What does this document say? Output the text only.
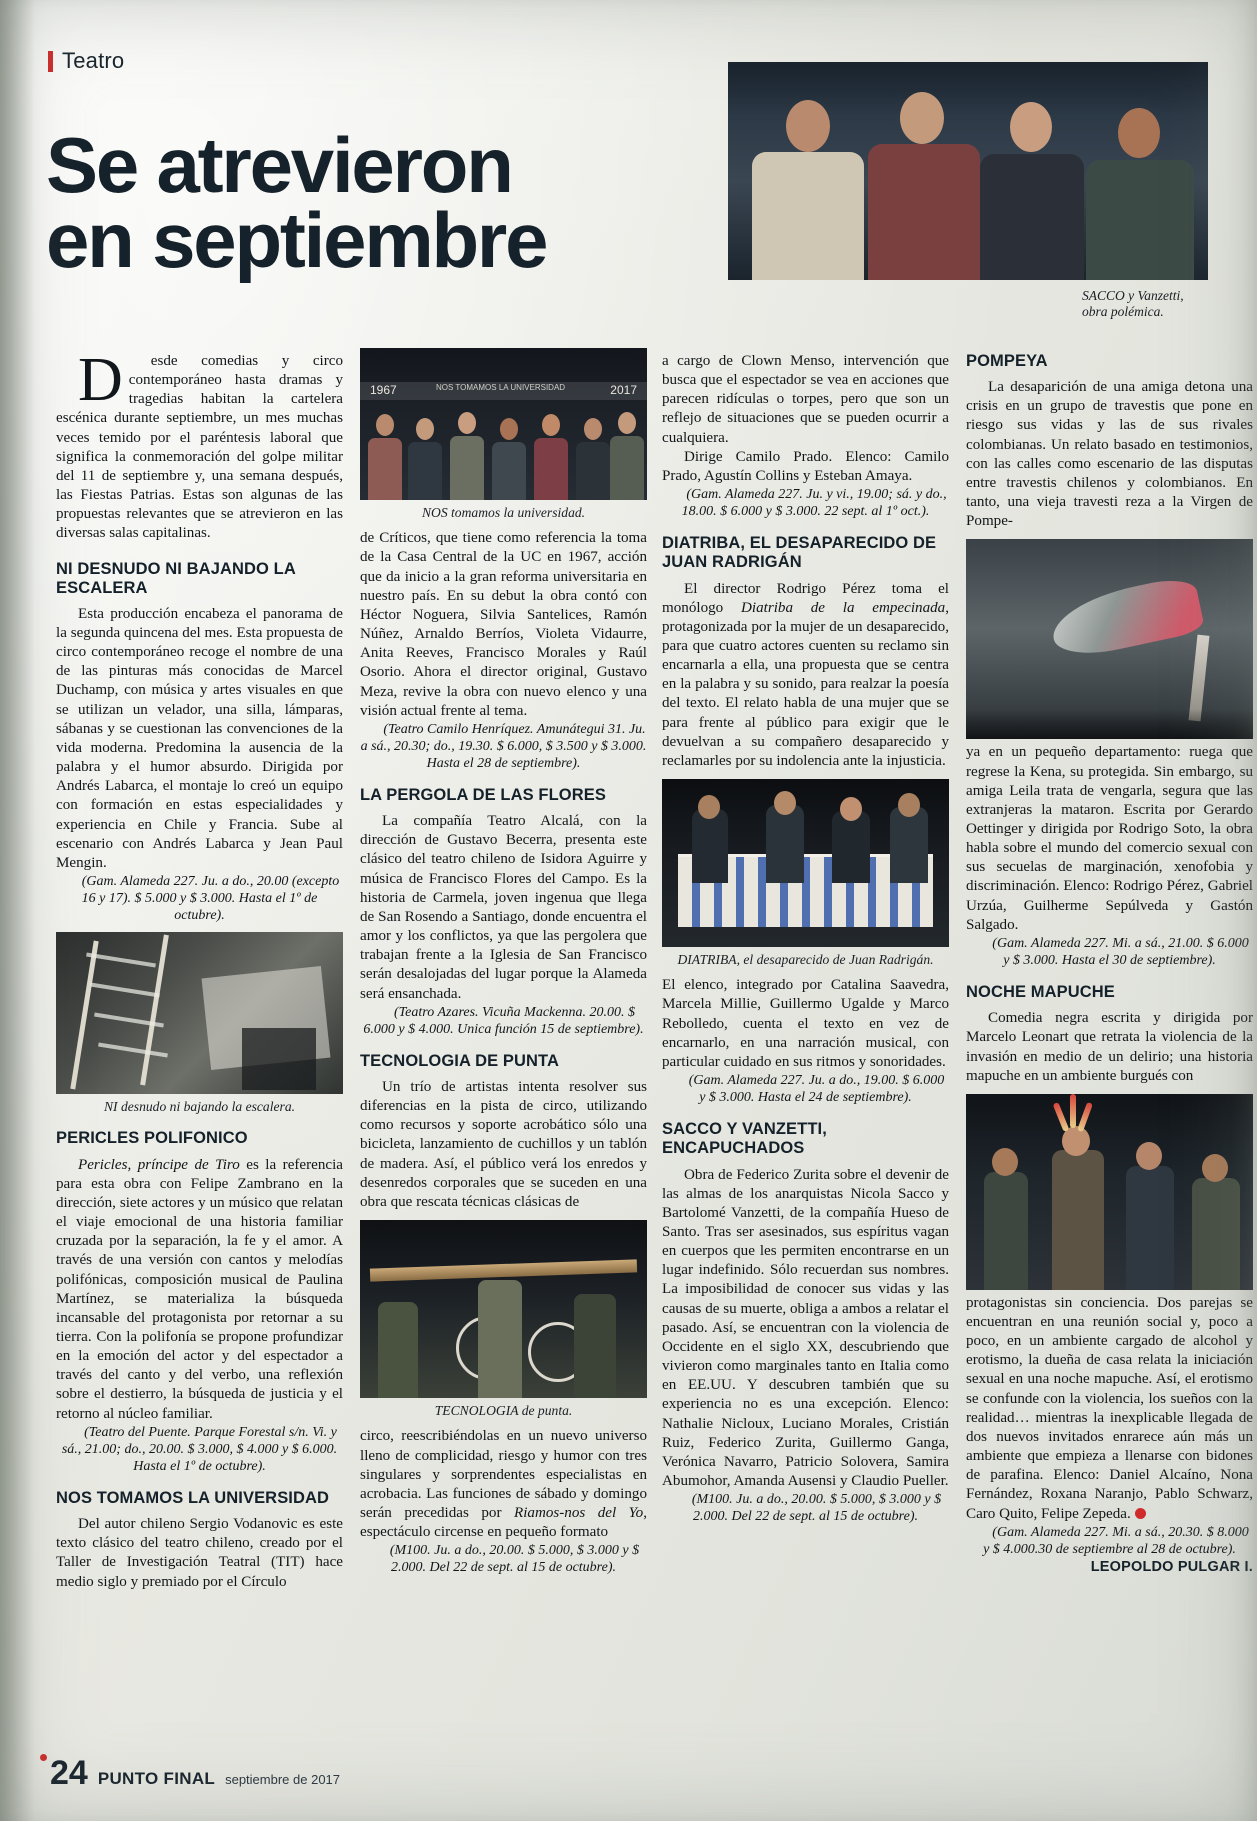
Teatro
Se atrevieron
en septiembre
SACCO y Vanzetti, obra polémica.

D	esde comedias y circo contemporáneo hasta dramas y tragedias habitan la cartelera escénica durante septiembre, un mes muchas veces temido por el paréntesis laboral que significa la conmemoración del golpe militar del 11 de septiembre y, una semana después, las Fiestas Patrias. Estas son algunas de las propuestas relevantes que se atrevieron en las diversas salas capitalinas.

NI DESNUDO NI BAJANDO LA ESCALERA

Esta producción encabeza el panorama de la segunda quincena del mes. Esta propuesta de circo contemporáneo recoge el nombre de una de las pinturas más conocidas de Marcel Duchamp, con música y artes visuales en que se utilizan un velador, una silla, lámparas, sábanas y se cuestionan las convenciones de la vida moderna. Predomina la ausencia de la palabra y el humor absurdo. Dirigida por Andrés Labarca, el montaje lo creó un equipo con formación en estas especialidades y experiencia en Chile y Francia. Sube al escenario con Andrés Labarca y Jean Paul Mengin.

(Gam. Alameda 227. Ju. a do., 20.00 (excepto 16 y 17). $ 5.000 y $ 3.000. Hasta el 1º de octubre).

NI desnudo ni bajando la escalera.
PERICLES POLIFONICO

Pericles, príncipe de Tiro es la referencia para esta obra con Felipe Zambrano en la dirección, siete actores y un músico que relatan el viaje emocional de una historia familiar cruzada por la separación, la fe y el amor. A través de una versión con cantos y melodías polifónicas, composición musical de Paulina Martínez, se materializa la búsqueda incansable del protagonista por retornar a su tierra. Con la polifonía se propone profundizar en la emoción del actor y del espectador a través del canto y del verbo, una reflexión sobre el destierro, la búsqueda de justicia y el retorno al núcleo familiar.

(Teatro del Puente. Parque Forestal s/n. Vi. y sá., 21.00; do., 20.00. $ 3.000, $ 4.000 y $ 6.000. Hasta el 1º de octubre).

NOS TOMAMOS LA UNIVERSIDAD

Del autor chileno Sergio Vodanovic es este texto clásico del teatro chileno, creado por el Taller de Investigación Teatral (TIT) hace medio siglo y premiado por el Círculo

1967	2017
NOS TOMAMOS LA UNIVERSIDAD
NOS tomamos la universidad.

de Críticos, que tiene como referencia la toma de la Casa Central de la UC en 1967, acción que da inicio a la gran reforma universitaria en nuestro país. En su debut la obra contó con Héctor Noguera, Silvia Santelices, Ramón Núñez, Arnaldo Berríos, Violeta Vidaurre, Anita Reeves, Francisco Morales y Raúl Osorio. Ahora el director original, Gustavo Meza, revive la obra con nuevo elenco y una visión actual frente al tema.

(Teatro Camilo Henríquez. Amunátegui 31. Ju. a sá., 20.30; do., 19.30. $ 6.000, $ 3.500 y $ 3.000. Hasta el 28 de septiembre).

LA PERGOLA DE LAS FLORES

La compañía Teatro Alcalá, con la dirección de Gustavo Becerra, presenta este clásico del teatro chileno de Isidora Aguirre y música de Francisco Flores del Campo. Es la historia de Carmela, joven ingenua que llega de San Rosendo a Santiago, donde encuentra el amor y los conflictos, ya que las pergolera que trabajan frente a la Iglesia de San Francisco serán desalojadas del lugar porque la Alameda será ensanchada.

(Teatro Azares. Vicuña Mackenna. 20.00. $ 6.000 y $ 4.000. Unica función 15 de septiembre).

TECNOLOGIA DE PUNTA

Un trío de artistas intenta resolver sus diferencias en la pista de circo, utilizando como recursos y soporte acrobático sólo una bicicleta, lanzamiento de cuchillos y un tablón de madera. Así, el público verá los enredos y desenredos corporales que se suceden en una obra que rescata técnicas clásicas de

TECNOLOGIA de punta.

circo, reescribiéndolas en un nuevo universo lleno de complicidad, riesgo y humor con tres singulares y sorprendentes especialistas en acrobacia. Las funciones de sábado y domingo serán precedidas por Riamos-nos del Yo, espectáculo circense en pequeño formato

(M100. Ju. a do., 20.00. $ 5.000, $ 3.000 y $ 2.000. Del 22 de sept. al 15 de octubre).

a cargo de Clown Menso, intervención que busca que el espectador se vea en acciones que parecen ridículas o torpes, pero que son un reflejo de situaciones que se pueden ocurrir a cualquiera.

Dirige Camilo Prado. Elenco: Camilo Prado, Agustín Collins y Esteban Amaya.

(Gam. Alameda 227. Ju. y vi., 19.00; sá. y do., 18.00. $ 6.000 y $ 3.000. 22 sept. al 1º oct.).

DIATRIBA, EL DESAPARECIDO DE JUAN RADRIGÁN

El director Rodrigo Pérez toma el monólogo Diatriba de la empecinada, protagonizada por la mujer de un desaparecido, para que cuatro actores cuenten su reclamo sin encarnarla a ella, una propuesta que se centra en la palabra y su sonido, para realzar la poesía del texto. El relato habla de una mujer que se para frente al público para exigir que le devuelvan a su compañero desaparecido y reclamarles por su indolencia ante la injusticia.

DIATRIBA, el desaparecido de Juan Radrigán.

El elenco, integrado por Catalina Saavedra, Marcela Millie, Guillermo Ugalde y Marco Rebolledo, cuenta el texto en vez de encarnarlo, en una narración musical, con particular cuidado en sus ritmos y sonoridades.

(Gam. Alameda 227. Ju. a do., 19.00. $ 6.000 y $ 3.000. Hasta el 24 de septiembre).

SACCO Y VANZETTI, ENCAPUCHADOS

Obra de Federico Zurita sobre el devenir de las almas de los anarquistas Nicola Sacco y Bartolomé Vanzetti, de la compañía Hueso de Santo. Tras ser asesinados, sus espíritus vagan en cuerpos que les permiten encontrarse en un lugar indefinido. Sólo recuerdan sus nombres. La imposibilidad de conocer sus vidas y las causas de su muerte, obliga a ambos a relatar el pasado. Así, se encuentran con la violencia de Occidente en el siglo XX, descubriendo que vivieron como marginales tanto en Italia como en EE.UU. Y descubren también que su experiencia no es una excepción. Elenco: Nathalie Nicloux, Luciano Morales, Cristián Ruiz, Federico Zurita, Guillermo Ganga, Verónica Navarro, Patricio Solovera, Samira Abumohor, Amanda Ausensi y Claudio Pueller.

(M100. Ju. a do., 20.00. $ 5.000, $ 3.000 y $ 2.000. Del 22 de sept. al 15 de octubre).

POMPEYA

La desaparición de una amiga detona una crisis en un grupo de travestis que pone en riesgo sus vidas y las de sus rivales colombianas. Un relato basado en testimonios, con las calles como escenario de las disputas entre travestis chilenos y colombianos. En tanto, una vieja travesti reza a la Virgen de Pompe-

ya en un pequeño departamento: ruega que regrese la Kena, su protegida. Sin embargo, su amiga Leila trata de vengarla, segura que las extranjeras la mataron. Escrita por Gerardo Oettinger y dirigida por Rodrigo Soto, la obra habla sobre el mundo del comercio sexual con sus secuelas de marginación, xenofobia y discriminación. Elenco: Rodrigo Pérez, Gabriel Urzúa, Guilherme Sepúlveda y Gastón Salgado.

(Gam. Alameda 227. Mi. a sá., 21.00. $ 6.000 y $ 3.000. Hasta el 30 de septiembre).

NOCHE MAPUCHE

Comedia negra escrita y dirigida por Marcelo Leonart que retrata la violencia de la invasión en medio de un delirio; una historia mapuche en un ambiente burgués con

protagonistas sin conciencia. Dos parejas se encuentran en una reunión social y, poco a poco, en un ambiente cargado de alcohol y erotismo, la dueña de casa relata la iniciación sexual en una noche mapuche. Así, el erotismo se confunde con la violencia, los sueños con la realidad… mientras la inexplicable llegada de dos nuevos invitados enrarece aún más un ambiente que empieza a llenarse con bidones de parafina. Elenco: Daniel Alcaíno, Nona Fernández, Roxana Naranjo, Pablo Schwarz, Caro Quito, Felipe Zepeda.

(Gam. Alameda 227. Mi. a sá., 20.30. $ 8.000 y $ 4.000.30 de septiembre al 28 de octubre).

LEOPOLDO PULGAR I.

24 PUNTO FINAL septiembre de 2017
